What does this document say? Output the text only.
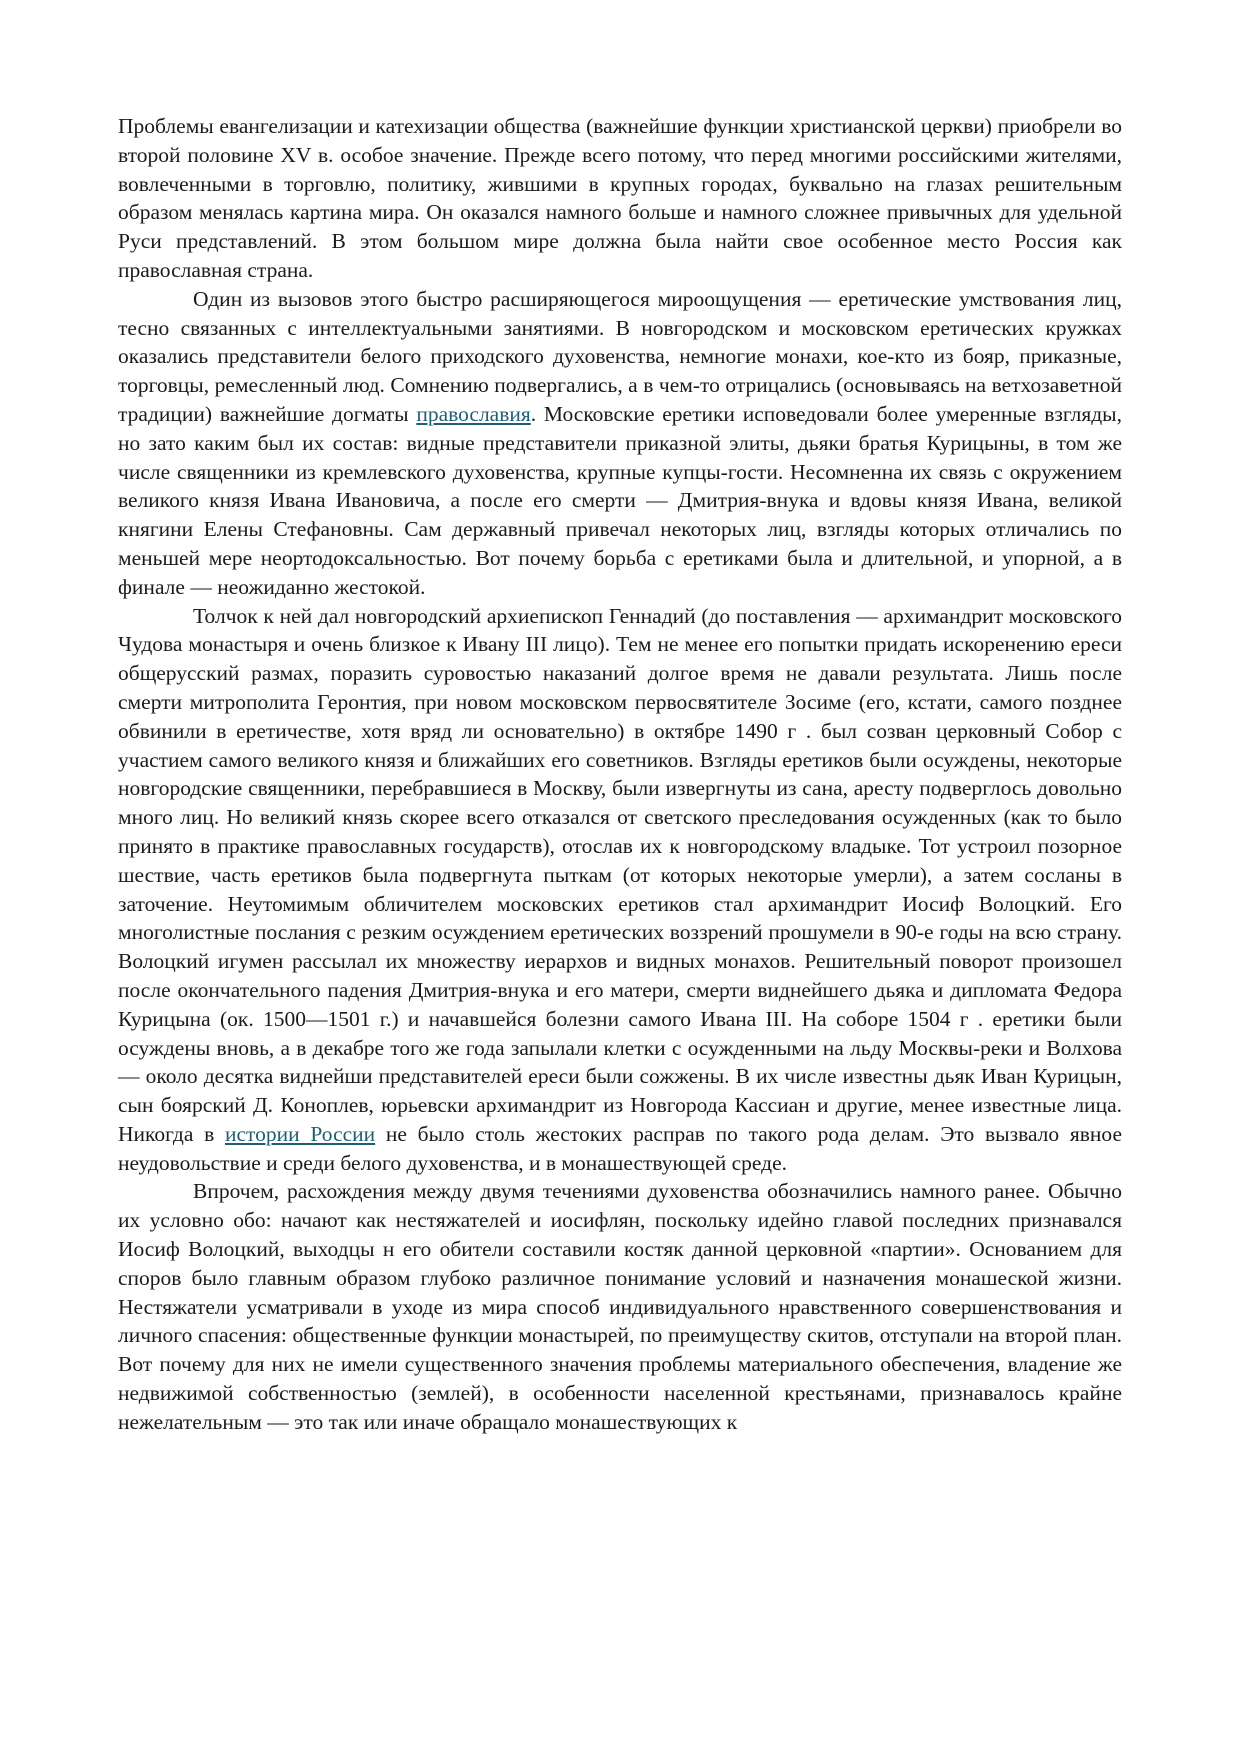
Проблемы евангелизации и катехизации общества (важнейшие функции христианской церкви) приобрели во второй половине XV в. особое значение. Прежде всего потому, что перед многими российскими жителями, вовлеченными в торговлю, политику, жившими в крупных городах, буквально на глазах решительным образом менялась картина мира. Он оказался намного больше и намного сложнее привычных для удельной Руси представлений. В этом большом мире должна была найти свое особенное место Россия как православная страна.

Один из вызовов этого быстро расширяющегося мироощущения — еретические умствования лиц, тесно связанных с интеллектуальными занятиями. В новгородском и московском еретических кружках оказались представители белого приходского духовенства, немногие монахи, кое-кто из бояр, приказные, торговцы, ремесленный люд. Сомнению подвергались, а в чем-то отрицались (основываясь на ветхозаветной традиции) важнейшие догматы православия. Московские еретики исповедовали более умеренные взгляды, но зато каким был их состав: видные представители приказной элиты, дьяки братья Курицыны, в том же числе священники из кремлевского духовенства, крупные купцы-гости. Несомненна их связь с окружением великого князя Ивана Ивановича, а после его смерти — Дмитрия-внука и вдовы князя Ивана, великой княгини Елены Стефановны. Сам державный привечал некоторых лиц, взгляды которых отличались по меньшей мере неортодоксальностью. Вот почему борьба с еретиками была и длительной, и упорной, а в финале — неожиданно жестокой.

Толчок к ней дал новгородский архиепископ Геннадий (до поставления — архимандрит московского Чудова монастыря и очень близкое к Ивану III лицо). Тем не менее его попытки придать искоренению ереси общерусский размах, поразить суровостью наказаний долгое время не давали результата. Лишь после смерти митрополита Геронтия, при новом московском первосвятителе Зосиме (его, кстати, самого позднее обвинили в еретичестве, хотя вряд ли основательно) в октябре 1490 г . был созван церковный Собор с участием самого великого князя и ближайших его советников. Взгляды еретиков были осуждены, некоторые новгородские священники, перебравшиеся в Москву, были извергнуты из сана, аресту подверглось довольно много лиц. Но великий князь скорее всего отказался от светского преследования осужденных (как то было принято в практике православных государств), отослав их к новгородскому владыке. Тот устроил позорное шествие, часть еретиков была подвергнута пыткам (от которых некоторые умерли), а затем сосланы в заточение. Неутомимым обличителем московских еретиков стал архимандрит Иосиф Волоцкий. Его многолистные послания с резким осуждением еретических воззрений прошумели в 90-е годы на всю страну. Волоцкий игумен рассылал их множеству иерархов и видных монахов. Решительный поворот произошел после окончательного падения Дмитрия-внука и его матери, смерти виднейшего дьяка и дипломата Федора Курицына (ок. 1500—1501 г.) и начавшейся болезни самого Ивана III. На соборе 1504 г . еретики были осуждены вновь, а в декабре того же года запылали клетки с осужденными на льду Москвы-реки и Волхова — около десятка виднейши представителей ереси были сожжены. В их числе известны дьяк Иван Курицын, сын боярский Д. Коноплев, юрьевски архимандрит из Новгорода Кассиан и другие, менее известные лица. Никогда в истории России не было столь жестоких расправ по такого рода делам. Это вызвало явное неудовольствие и среди белого духовенства, и в монашествующей среде.

Впрочем, расхождения между двумя течениями духовенства обозначились намного ранее. Обычно их условно обо: начают как нестяжателей и иосифлян, поскольку идейно главой последних признавался Иосиф Волоцкий, выходцы н его обители составили костяк данной церковной «партии». Основанием для споров было главным образом глубоко различное понимание условий и назначения монашеской жизни. Нестяжатели усматривали в уходе из мира способ индивидуального нравственного совершенствования и личного спасения: общественные функции монастырей, по преимуществу скитов, отступали на второй план. Вот почему для них не имели существенного значения проблемы материального обеспечения, владение же недвижимой собственностью (землей), в особенности населенной крестьянами, признавалось крайне нежелательным — это так или иначе обращало монашествующих к
